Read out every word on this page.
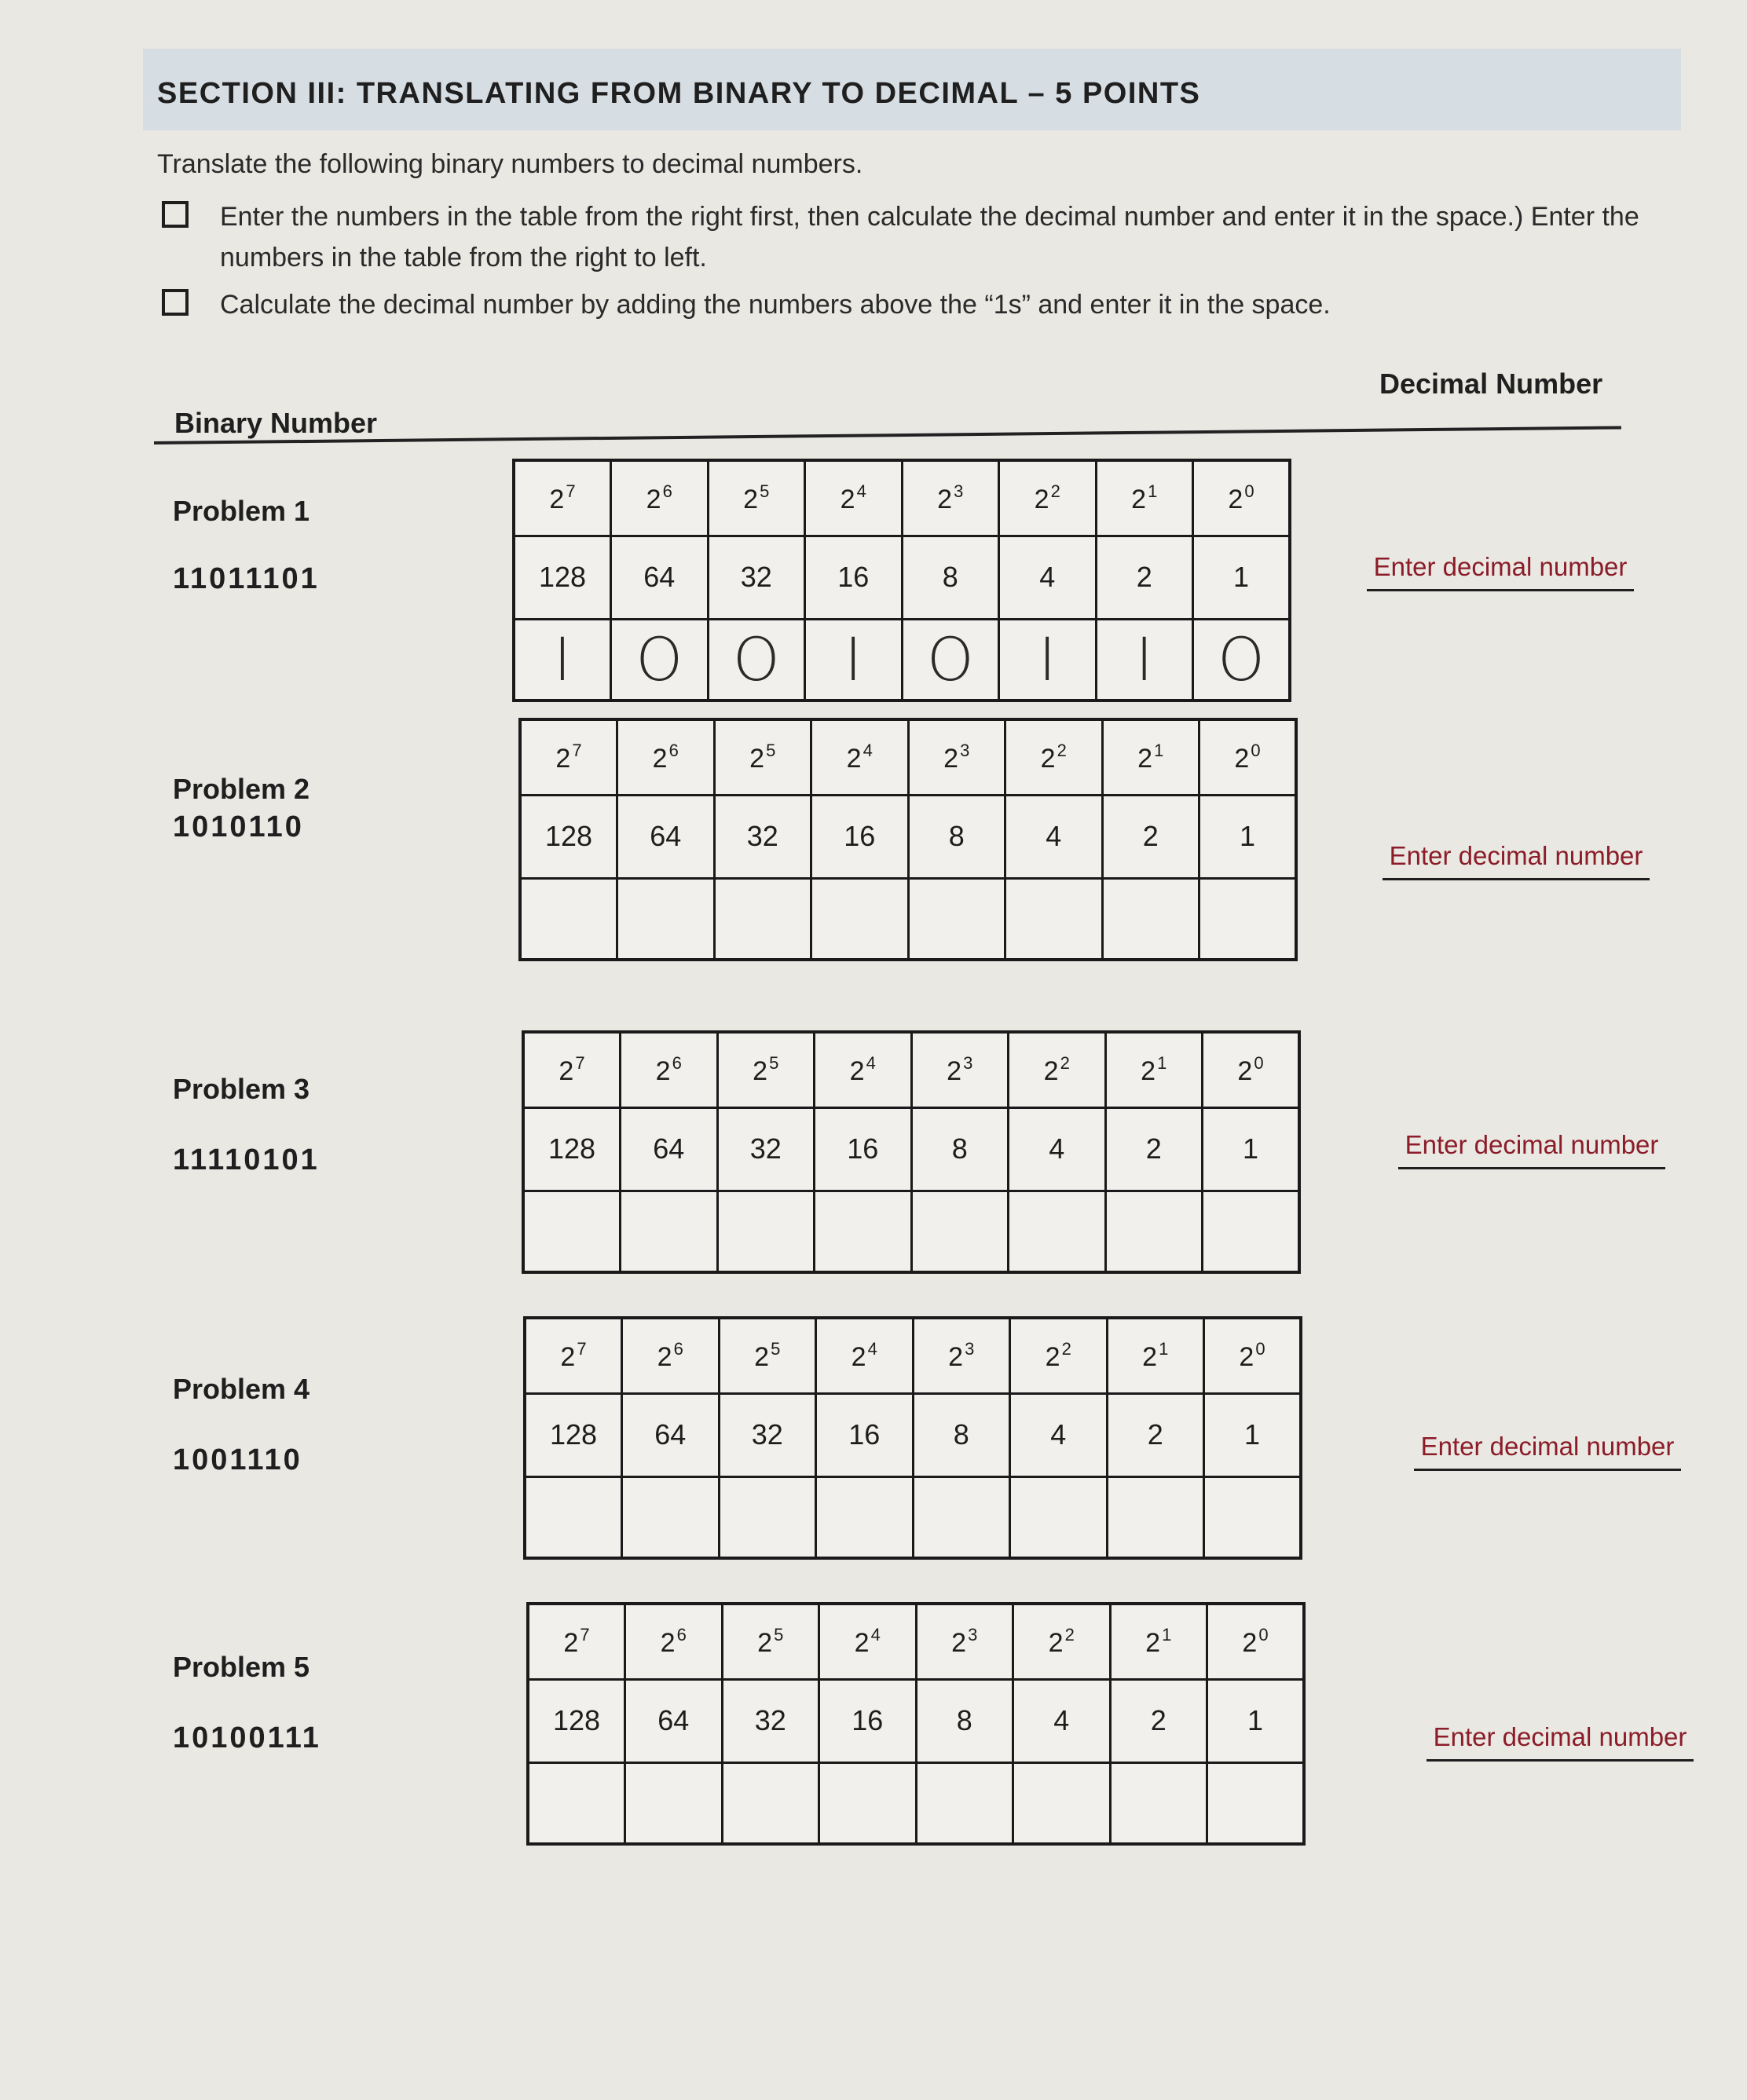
SECTION III: TRANSLATING FROM BINARY TO DECIMAL – 5 POINTS
Translate the following binary numbers to decimal numbers.
Enter the numbers in the table from the right first, then calculate the decimal number and enter it in the space.) Enter the numbers in the table from the right to left.
Calculate the decimal number by adding the numbers above the “1s” and enter it in the space.
Binary Number
Decimal Number
Problem 1
11011101
$2^7$	$2^6$	$2^5$	$2^4$	$2^3$	$2^2$	$2^1$	$2^0$
128	64	32	16	8	4	2	1
I	O	O	I	O	I	I	O
Enter decimal number
Problem 2
1010110
$2^7$	$2^6$	$2^5$	$2^4$	$2^3$	$2^2$	$2^1$	$2^0$
128	64	32	16	8	4	2	1

Enter decimal number
Problem 3
11110101
$2^7$	$2^6$	$2^5$	$2^4$	$2^3$	$2^2$	$2^1$	$2^0$
128	64	32	16	8	4	2	1
								Enter decimal number
Problem 4
1001110
$2^7$	$2^6$	$2^5$	$2^4$	$2^3$	$2^2$	$2^1$	$2^0$
128	64	32	16	8	4	2	1
								Enter decimal number
Problem 5
10100111
$2^7$	$2^6$	$2^5$	$2^4$	$2^3$	$2^2$	$2^1$	$2^0$
128	64	32	16	8	4	2	1

Enter decimal number
